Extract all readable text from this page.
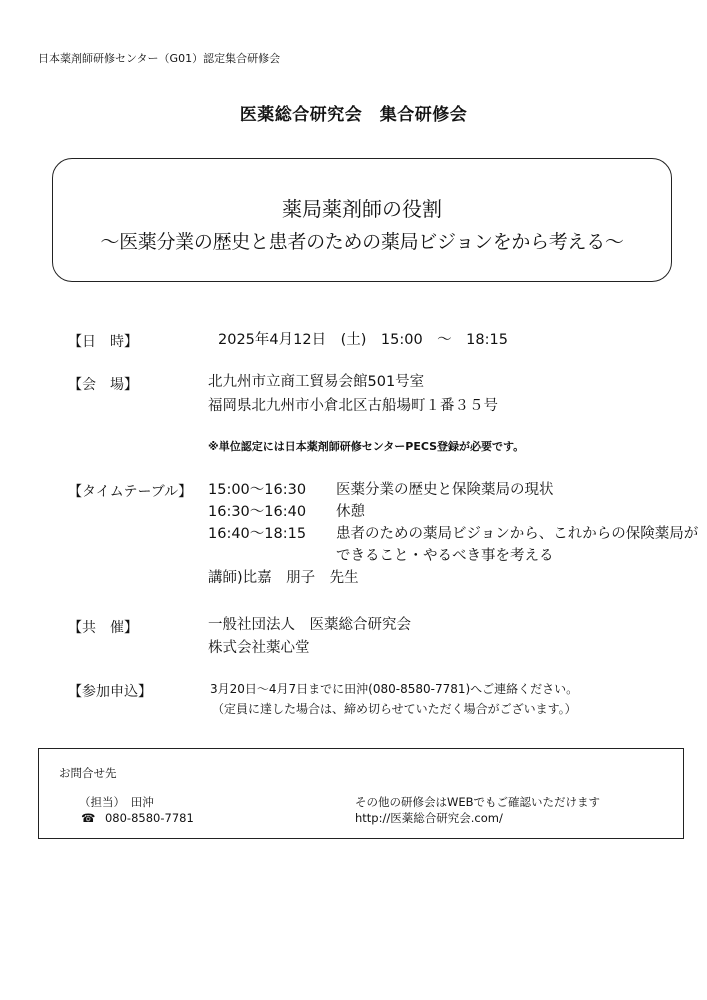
日本薬剤師研修センター（G01）認定集合研修会
医薬総合研究会　集合研修会
薬局薬剤師の役割
～医薬分業の歴史と患者のための薬局ビジョンをから考える～
【日　時】	2025年4月12日　(土)　15:00　～　18:15
【会　場】	北九州市立商工貿易会館501号室
福岡県北九州市小倉北区古船場町１番３５号
※単位認定には日本薬剤師研修センターPECS登録が必要です。
【タイムテーブル】 15:00～16:30 医薬分業の歴史と保険薬局の現状
16:30～16:40 休憩
16:40～18:15 患者のための薬局ビジョンから、これからの保険薬局が
できること・やるべき事を考える
講師)比嘉　朋子　先生
【共　催】	一般社団法人　医薬総合研究会
株式会社薬心堂
【参加申込】	3月20日～4月7日までに田沖(080-8580-7781)へご連絡ください。
（定員に達した場合は、締め切らせていただく場合がございます。）
お問合せ先
（担当）　田沖
☎ 080-8580-7781
その他の研修会はWEBでもご確認いただけます
http://医薬総合研究会.com/
